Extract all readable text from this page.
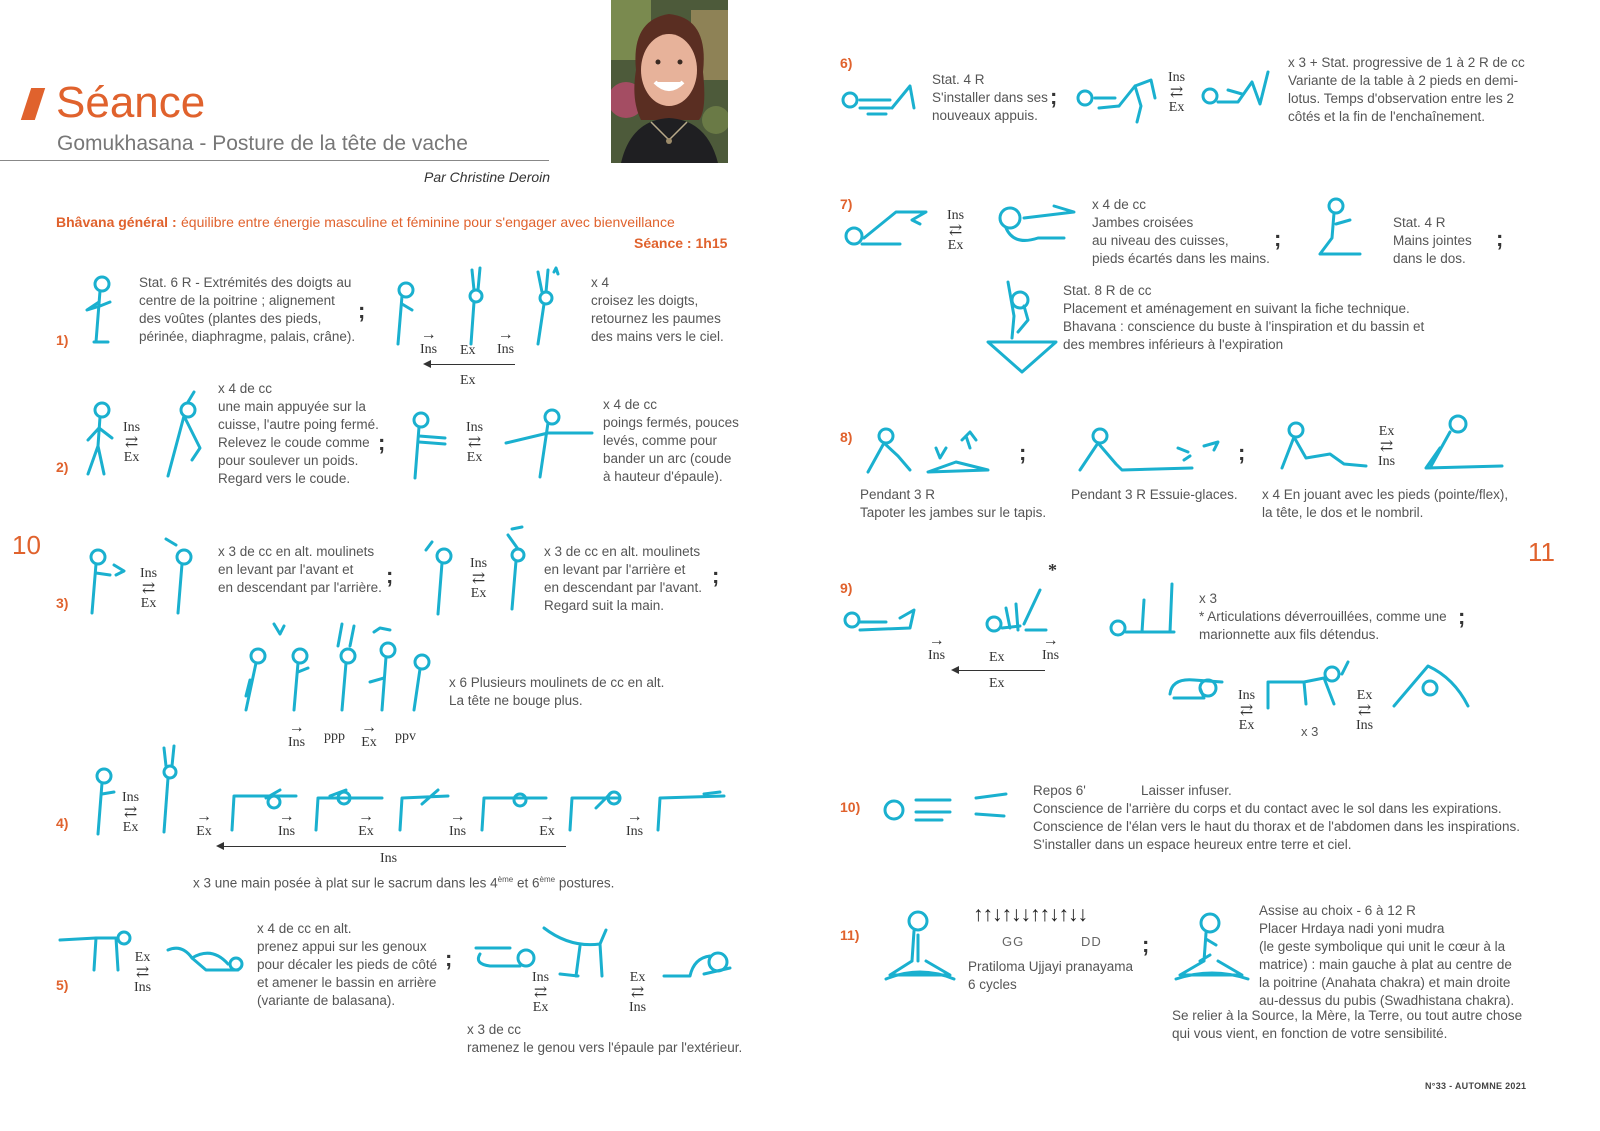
Séance
Gomukhasana - Posture de la tête de vache
Par Christine Deroin
Bhâvana général : équilibre entre énergie masculine et féminine pour s'engager avec bienveillance
Séance : 1h15
10	11
N°33 - AUTOMNE 2021
1)
Stat. 6 R - Extrémités des doigts au
centre de la poitrine ; alignement
des voûtes (plantes des pieds,
périnée, diaphragme, palais, crâne).
;
→
Ins Ex
→
Ins
Ex
x 4
croisez les doigts,
retournez les paumes
des mains vers le ciel.
2)
Ins
⇄
Ex
x 4 de cc
une main appuyée sur la
cuisse, l'autre poing fermé.
Relevez le coude comme
pour soulever un poids.
Regard vers le coude.
;
Ins
⇄
Ex
x 4 de cc
poings fermés, pouces
levés, comme pour
bander un arc (coude
à hauteur d'épaule).
3)
Ins
⇄
Ex
x 3 de cc en alt. moulinets
en levant par l'avant et
en descendant par l'arrière. ;	Ins
⇄
Ex
x 3 de cc en alt. moulinets
en levant par l'arrière et
en descendant par l'avant.
Regard suit la main.
;
x 6 Plusieurs moulinets de cc en alt.
La tête ne bouge plus.
→
Ins ppp
→
Ex ppv
4)
Ins
⇄
Ex
→
Ex
→
Ins
→
Ex
→
Ins
→
Ex
→
Ins
Ins
x 3 une main posée à plat sur le sacrum dans les 4ème et 6ème postures.
5)
Ex
⇄
Ins
x 4 de cc en alt.
prenez appui sur les genoux
pour décaler les pieds de côté
et amener le bassin en arrière
(variante de balasana).
;
Ins
⇄
Ex
Ex
⇄
Ins
x 3 de cc
ramenez le genou vers l'épaule par l'extérieur.
6)
Stat. 4 R
S'installer dans ses
nouveaux appuis.
;
Ins
⇄
Ex
x 3 + Stat. progressive de 1 à 2 R de cc
Variante de la table à 2 pieds en demi-
lotus. Temps d'observation entre les 2
côtés et la fin de l'enchaînement.
7)
Ins
⇄
Ex
x 4 de cc
Jambes croisées
au niveau des cuisses,
pieds écartés dans les mains.
;
Stat. 4 R
Mains jointes
dans le dos.
;
Stat. 8 R de cc
Placement et aménagement en suivant la fiche technique.
Bhavana : conscience du buste à l'inspiration et du bassin et
des membres inférieurs à l'expiration
8)
;	;
Ex
⇄
Ins
Pendant 3 R
Tapoter les jambes sur le tapis.
Pendant 3 R Essuie-glaces. x 4 En jouant avec les pieds (pointe/flex),
la tête, le dos et le nombril.
9)
→
Ins
*
Ex
→
Ins
Ex
x 3
* Articulations déverrouillées, comme une
marionnette aux fils détendus.
;
Ins
⇄
Ex	x 3
Ex
⇄
Ins
10)
Repos 6'	Laisser infuser.
Conscience de l'arrière du corps et du contact avec le sol dans les expirations.
Conscience de l'élan vers le haut du thorax et de l'abdomen dans les inspirations.
S'installer dans un espace heureux entre terre et ciel.
11)
↑↑↓↑↓↓↑↑↓↑↓↓
GG	DD
Pratiloma Ujjayi pranayama
6 cycles
;
Assise au choix - 6 à 12 R
Placer Hrdaya nadi yoni mudra
(le geste symbolique qui unit le cœur à la
matrice) : main gauche à plat au centre de
la poitrine (Anahata chakra) et main droite
au-dessus du pubis (Swadhistana chakra).
Se relier à la Source, la Mère, la Terre, ou tout autre chose
qui vous vient, en fonction de votre sensibilité.
